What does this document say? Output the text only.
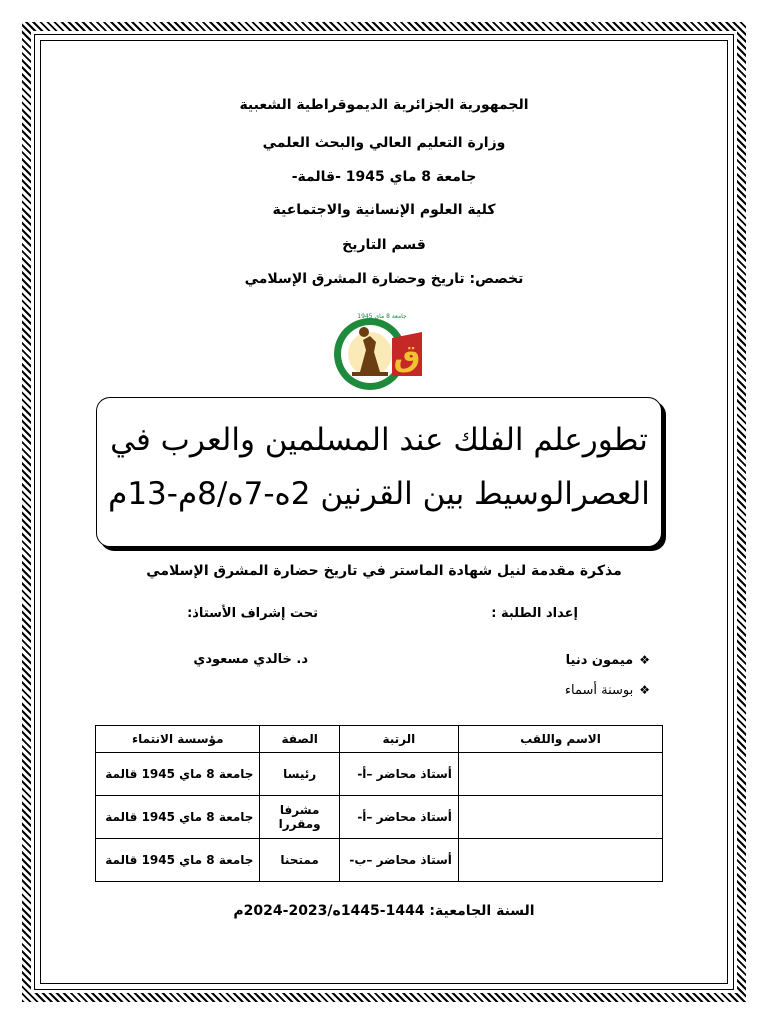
الجمهورية الجزائرية الديموقراطية الشعبية
وزارة التعليم العالي والبحث العلمي
جامعة 8 ماي 1945 -قالمة-
كلية العلوم الإنسانية والاجتماعية
قسم التاريخ
تخصص: تاريخ وحضارة المشرق الإسلامي
ق
جامعة 8 ماي 1945
تطورعلم الفلك عند المسلمين والعرب في
العصرالوسيط بين القرنين 2ه-7ه/8م-13م
مذكرة مقدمة لنيل شهادة الماستر في تاريخ حضارة المشرق الإسلامي
إعداد الطلبة :
تحت إشراف الأستاذ:
❖ميمون دنيا
❖بوسنة أسماء
د. خالدي مسعودي
الاسم واللقب	الرتبة	الصفة	مؤسسة الانتماء
	أستاذ محاضر –أ-	رئيسا	جامعة 8 ماي 1945 قالمة
	أستاذ محاضر –أ-	مشرفا ومقررا	جامعة 8 ماي 1945 قالمة
	أستاذ محاضر –ب-	ممتحنا	جامعة 8 ماي 1945 قالمة
السنة الجامعية: 1444-1445ه/2023-2024م
